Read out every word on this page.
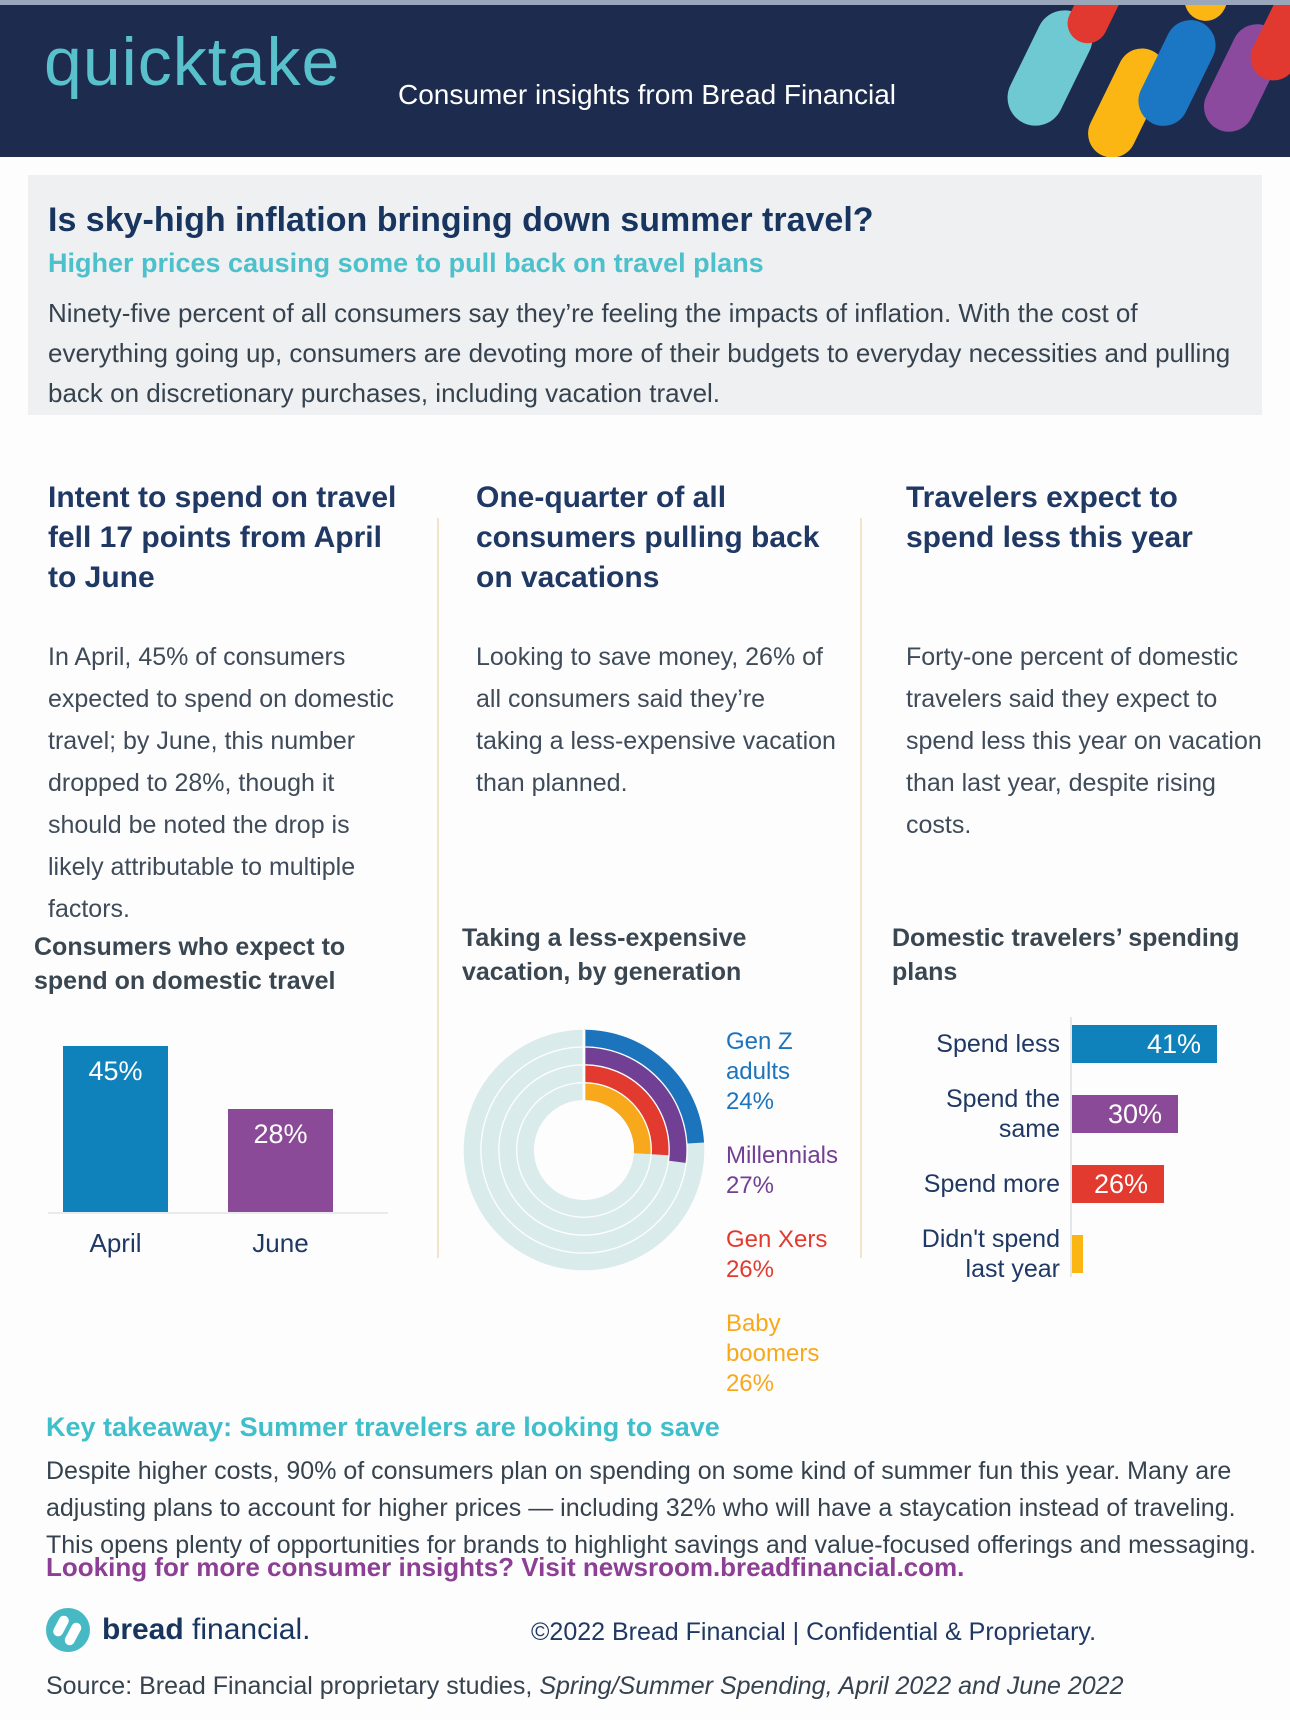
quicktake Consumer insights from Bread Financial
Is sky-high inflation bringing down summer travel?
Higher prices causing some to pull back on travel plans

Ninety-five percent of all consumers say they’re feeling the impacts of inflation. With the cost of everything going up, consumers are devoting more of their budgets to everyday necessities and pulling back on discretionary purchases, including vacation travel.

Intent to spend on travel fell 17 points from April to June

In April, 45% of consumers expected to spend on domestic travel; by June, this number dropped to 28%, though it should be noted the drop is likely attributable to multiple factors.

Consumers who expect to spend on domestic travel
45%
28%
April	June
One-quarter of all consumers pulling back on vacations

Looking to save money, 26% of all consumers said they’re taking a less-expensive vacation than planned.

Taking a less-expensive vacation, by generation
Gen Z adults
24%
Millennials
27%
Gen Xers
26%
Baby boomers
26%
Travelers expect to spend less this year

Forty-one percent of domestic travelers said they expect to spend less this year on vacation than last year, despite rising costs.

Domestic travelers’ spending plans
Spend less	41%
Spend the same
30%
Spend more 26%
Didn't spend last year
Key takeaway: Summer travelers are looking to save

Despite higher costs, 90% of consumers plan on spending on some kind of summer fun this year. Many are adjusting plans to account for higher prices — including 32% who will have a staycation instead of traveling. This opens plenty of opportunities for brands to highlight savings and value-focused offerings and messaging.

Looking for more consumer insights? Visit newsroom.breadfinancial.com.
bread financial.	©2022 Bread Financial | Confidential & Proprietary.
Source: Bread Financial proprietary studies, Spring/Summer Spending, April 2022 and June 2022
